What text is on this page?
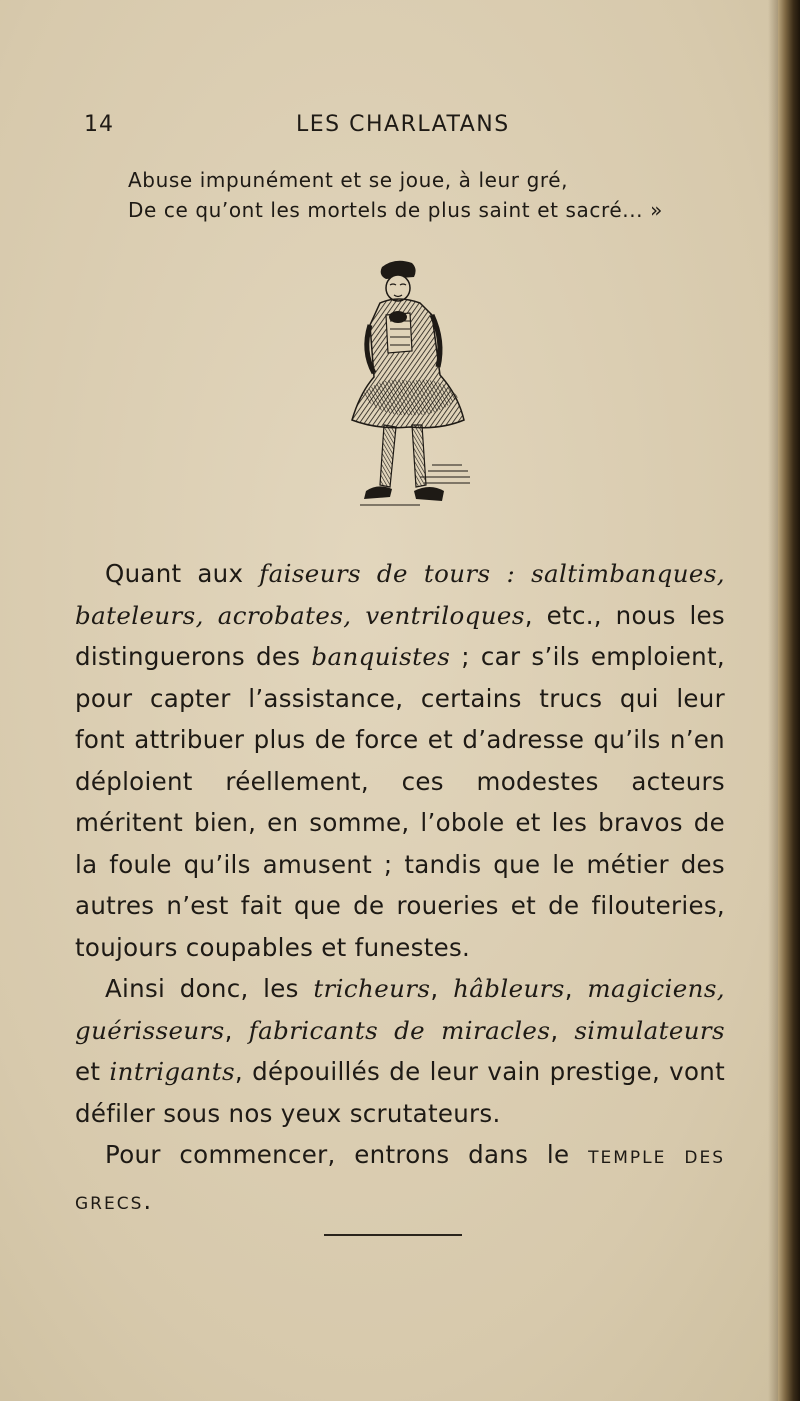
14	LES CHARLATANS
Abuse impunément et se joue, à leur gré,
De ce qu’ont les mortels de plus saint et sacré... »

Quant aux faiseurs de tours : saltimbanques, bateleurs, acrobates, ventriloques, etc., nous les distinguerons des banquistes ; car s’ils emploient, pour capter l’assistance, certains trucs qui leur font attribuer plus de force et d’adresse qu’ils n’en déploient réellement, ces modestes acteurs méritent bien, en somme, l’obole et les bravos de la foule qu’ils amusent ; tandis que le métier des autres n’est fait que de roueries et de filouteries, toujours coupables et funestes.

Ainsi donc, les tricheurs, hâbleurs, magiciens, guérisseurs, fabricants de miracles, simulateurs et intrigants, dépouillés de leur vain prestige, vont défiler sous nos yeux scrutateurs.

Pour commencer, entrons dans le TEMPLE DES GRECS.
